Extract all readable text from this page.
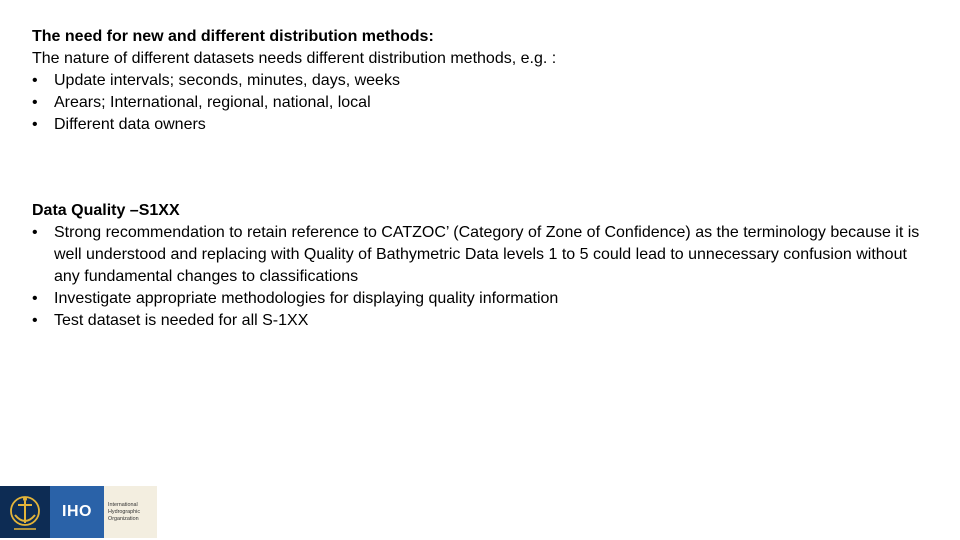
The need for new and different distribution methods:
The nature of different datasets needs different distribution methods, e.g. :
• Update intervals; seconds, minutes, days, weeks
• Arears; International, regional, national, local
• Different data owners
Data Quality –S1XX
• Strong recommendation to retain reference to CATZOC’ (Category of Zone of Confidence) as the terminology because it is well understood and replacing with Quality of Bathymetric Data levels 1 to 5 could lead to unnecessary confusion without any fundamental changes to classifications
• Investigate appropriate methodologies for displaying quality information
• Test dataset is needed for all S-1XX
IHO	International
Hydrographic
Organization
